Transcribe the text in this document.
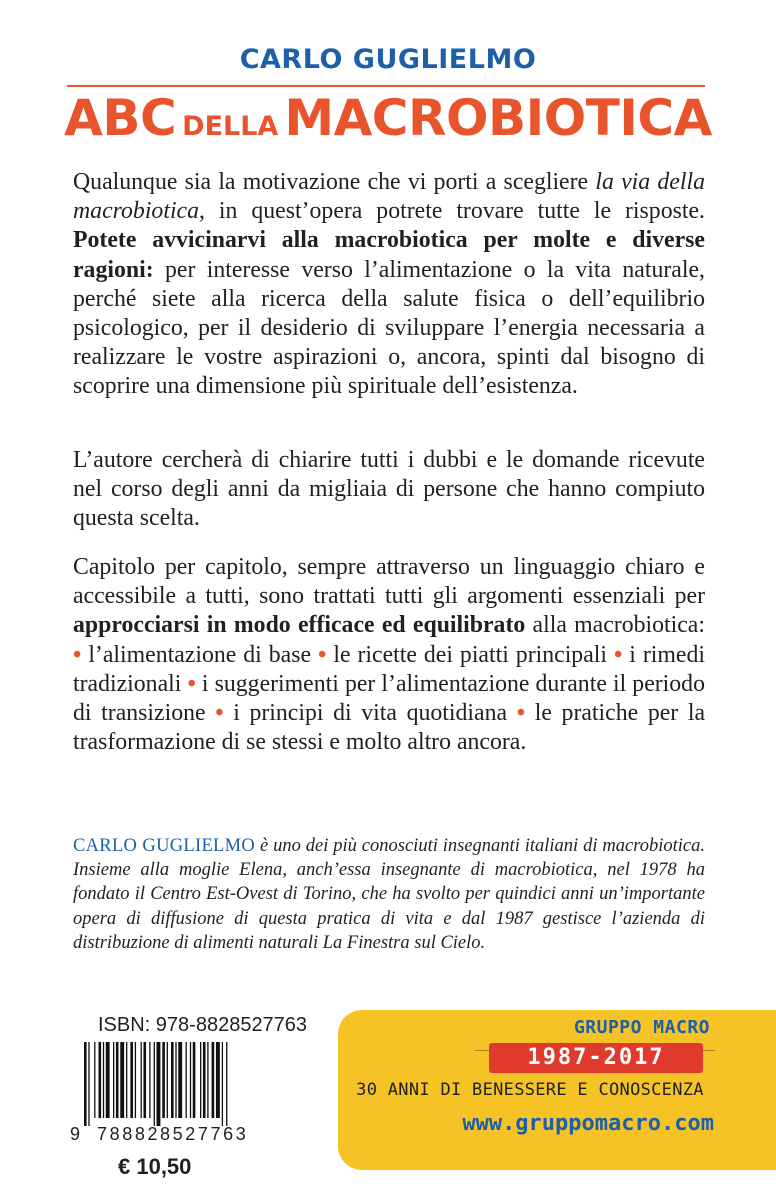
CARLO GUGLIELMO
ABC DELLA MACROBIOTICA

Qualunque sia la motivazione che vi porti a scegliere la via della macrobiotica, in quest’opera potrete trovare tutte le risposte. Potete avvicinarvi alla macrobiotica per molte e diverse ragioni: per interesse verso l’alimentazione o la vita naturale, perché siete alla ricerca della salute fisica o dell’equilibrio psicologico, per il desiderio di sviluppare l’energia necessaria a realizzare le vostre aspirazioni o, ancora, spinti dal bisogno di scoprire una dimensione più spirituale dell’esistenza.

L’autore cercherà di chiarire tutti i dubbi e le domande ricevute nel corso degli anni da migliaia di persone che hanno compiuto questa scelta.

Capitolo per capitolo, sempre attraverso un linguaggio chiaro e accessibile a tutti, sono trattati tutti gli argomenti essenziali per approcciarsi in modo efficace ed equilibrato alla macrobiotica: • l’alimentazione di base • le ricette dei piatti principali • i rimedi tradizionali • i suggerimenti per l’alimentazione durante il periodo di transizione • i principi di vita quotidiana • le pratiche per la trasformazione di se stessi e molto altro ancora.

CARLO GUGLIELMO è uno dei più conosciuti insegnanti italiani di macrobiotica. Insieme alla moglie Elena, anch’essa insegnante di macrobiotica, nel 1978 ha fondato il Centro Est-Ovest di Torino, che ha svolto per quindici anni un’importante opera di diffusione di questa pratica di vita e dal 1987 gestisce l’azienda di distribuzione di alimenti naturali La Finestra sul Cielo.

ISBN: 978-8828527763
9 788828527763
€ 10,50
GRUPPO MACRO
1987-2017
30 ANNI DI BENESSERE E CONOSCENZA
www.gruppomacro.com
